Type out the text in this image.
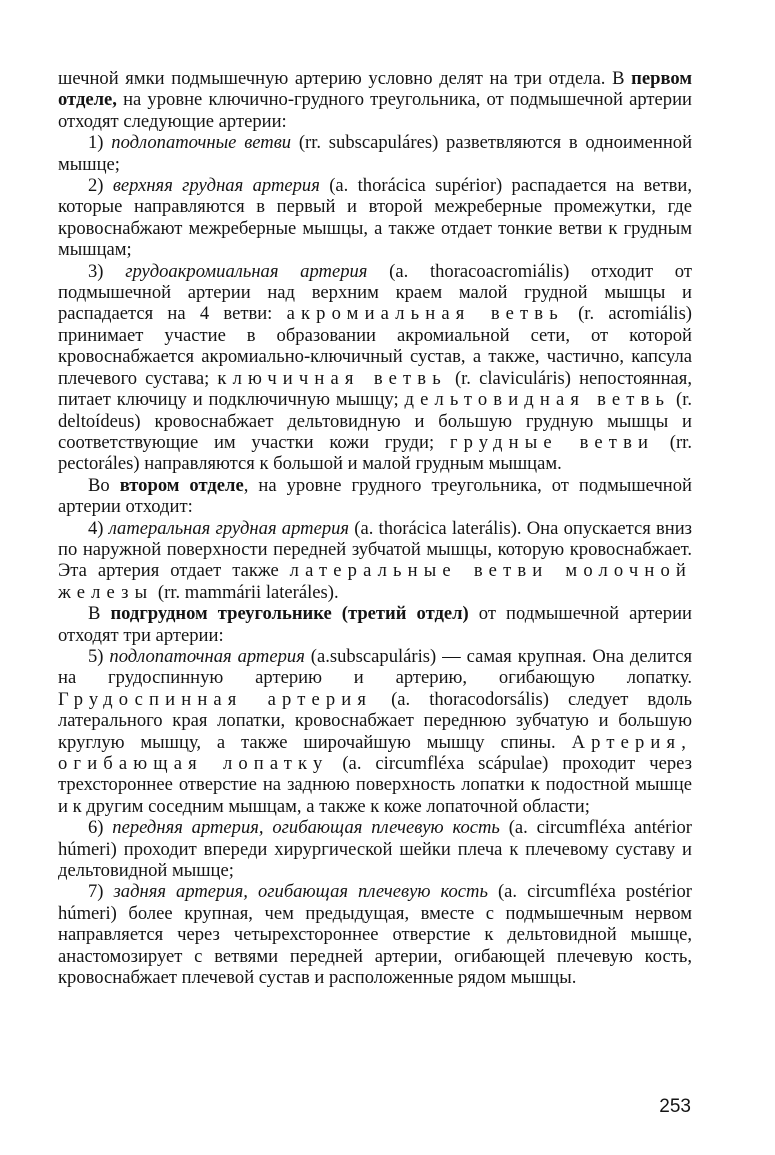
шечной ямки подмышечную артерию условно делят на три отдела. В первом отделе, на уровне ключично-грудного треугольника, от подмышечной артерии отходят следующие артерии:

1) подлопаточные ветви (rr. subscapuláres) разветвляются в одноименной мышце;

2) верхняя грудная артерия (a. thorácica supérior) распадается на ветви, которые направляются в первый и второй межреберные промежутки, где кровоснабжают межреберные мышцы, а также отдает тонкие ветви к грудным мышцам;

3) грудоакромиальная артерия (a. thoracoacromiális) отходит от подмышечной артерии над верхним краем малой грудной мышцы и распадается на 4 ветви: акромиальная ветвь (r. acromiális) принимает участие в образовании акромиальной сети, от которой кровоснабжается акромиально-ключичный сустав, а также, частично, капсула плечевого сустава; ключичная ветвь (r. claviculáris) непостоянная, питает ключицу и подключичную мышцу; дельтовидная ветвь (r. deltoídeus) кровоснабжает дельтовидную и большую грудную мышцы и соответствующие им участки кожи груди; грудные ветви (rr. pectoráles) направляются к большой и малой грудным мышцам.

Во втором отделе, на уровне грудного треугольника, от подмышечной артерии отходит:

4) латеральная грудная артерия (a. thorácica laterális). Она опускается вниз по наружной поверхности передней зубчатой мышцы, которую кровоснабжает. Эта артерия отдает также латеральные ветви молочной железы (rr. mammárii lateráles).

В подгрудном треугольнике (третий отдел) от подмышечной артерии отходят три артерии:

5) подлопаточная артерия (a.subscapuláris) — самая крупная. Она делится на грудоспинную артерию и артерию, огибающую лопатку. Грудоспинная артерия (a. thoracodorsális) следует вдоль латерального края лопатки, кровоснабжает переднюю зубчатую и большую круглую мышцу, а также широчайшую мышцу спины. Артерия, огибающая лопатку (a. circumfléxa scápulae) проходит через трехстороннее отверстие на заднюю поверхность лопатки к подостной мышце и к другим соседним мышцам, а также к коже лопаточной области;

6) передняя артерия, огибающая плечевую кость (a. circumfléxa antérior húmeri) проходит впереди хирургической шейки плеча к плечевому суставу и дельтовидной мышце;

7) задняя артерия, огибающая плечевую кость (a. circumfléxa postérior húmeri) более крупная, чем предыдущая, вместе с подмышечным нервом направляется через четырехстороннее отверстие к дельтовидной мышце, анастомозирует с ветвями передней артерии, огибающей плечевую кость, кровоснабжает плечевой сустав и расположенные рядом мышцы.

253
